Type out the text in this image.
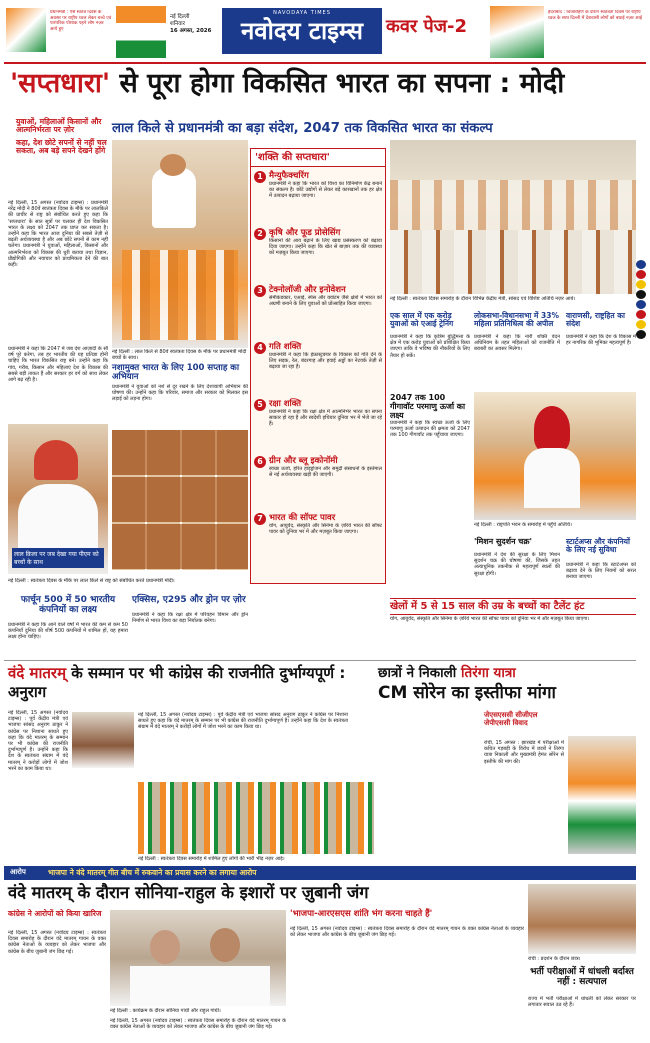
प्रधानमंत्री : ऐसे स्वतंत्र दिवस के अवसर पर राष्ट्रीय ध्वज लेकर बच्चे एवं पारंपरिक पोशाक पहने लोग नज़र आये हुए
नई दिल्ली
शनिवार
16 अगस्त, 2026
NAVODAYA TIMES
नवोदय टाइम्स	कवर पेज-2
हैदराबाद : ध्वजारोहण के दौरान स्वतंत्रता दिवस पर राष्ट्रीय ध्वज के साथ दिल्ली में देशवासी लोगों को बधाई नज़र आई
'सप्तधारा' से पूरा होगा विकसित भारत का सपना : मोदी
लाल किले से प्रधानमंत्री का बड़ा संदेश, 2047 तक विकसित भारत का संकल्प
युवाओं, महिलाओं किसानों और आत्मनिर्भरता पर ज़ोर
कहा, देश छोटे सपनों से नहीं चल सकता, अब बड़े सपने देखने होंगे
नई दिल्ली, 15 अगस्त (नवोदय टाइम्स) : प्रधानमंत्री नरेंद्र मोदी ने 80वें स्वतंत्रता दिवस के मौके पर लालकिले की प्राचीर से राष्ट्र को संबोधित करते हुए कहा कि 'सप्तधारा' के सात सूत्रों पर चलकर ही देश विकसित भारत के लक्ष्य को 2047 तक प्राप्त कर सकता है। उन्होंने कहा कि भारत आज दुनिया की सबसे तेज़ी से बढ़ती अर्थव्यवस्था है और अब छोटे सपनों से काम नहीं चलेगा। प्रधानमंत्री ने युवाओं, महिलाओं, किसानों और आत्मनिर्भरता को विकास की धुरी बताया तथा विज्ञान, प्रौद्योगिकी और नवाचार को प्राथमिकता देने की बात कही।
प्रधानमंत्री ने कहा कि 2047 में जब देश आज़ादी के सौ वर्ष पूरे करेगा, तब हर भारतीय की यह प्रतिज्ञा होनी चाहिए कि भारत विकसित राष्ट्र बने। उन्होंने कहा कि गांव, गरीब, किसान और महिलाएं देश के विकास की सबसे बड़ी ताकत हैं और सरकार हर वर्ग को साथ लेकर आगे बढ़ रही है।
नई दिल्ली : लाल किले से 80वें स्वतंत्रता दिवस के मौके पर प्रधानमंत्री मोदी बच्चों के साथ।
'शक्ति की सप्तधारा'
1 मैन्युफैक्चरिंग
प्रधानमंत्री ने कहा कि भारत को विश्व का विनिर्माण केंद्र बनाने का संकल्प है। छोटे उद्योगों से लेकर बड़े कारखानों तक हर क्षेत्र में उत्पादन बढ़ाया जाएगा।
2 कृषि और फूड प्रोसेसिंग
किसानों की आय बढ़ाने के लिए खाद्य प्रसंस्करण को बढ़ावा दिया जाएगा। उन्होंने कहा कि खेत से बाज़ार तक की व्यवस्था को मज़बूत किया जाएगा।
3 टेक्नोलॉजी और इनोवेशन
सेमीकंडक्टर, एआई, स्पेस और क्वांटम जैसे क्षेत्रों में भारत को अग्रणी बनाने के लिए युवाओं को प्रोत्साहित किया जाएगा।
4 गति शक्ति
प्रधानमंत्री ने कहा कि इंफ्रास्ट्रक्चर के विकास को गति देने के लिए सड़क, रेल, बंदरगाह और हवाई अड्डों का नेटवर्क तेज़ी से बढ़ाया जा रहा है।
5 रक्षा शक्ति
प्रधानमंत्री ने कहा कि रक्षा क्षेत्र में आत्मनिर्भर भारत का सपना साकार हो रहा है और स्वदेशी हथियार दुनिया भर में भेजे जा रहे हैं।
6 ग्रीन और ब्लू इकोनॉमी
स्वच्छ ऊर्जा, हरित हाइड्रोजन और समुद्री संसाधनों के इस्तेमाल से नई अर्थव्यवस्था खड़ी की जाएगी।
7 भारत की सॉफ्ट पावर
योग, आयुर्वेद, संस्कृति और सिनेमा के ज़रिये भारत की सॉफ्ट पावर को दुनिया भर में और मज़बूत किया जाएगा।
नई दिल्ली : स्वतंत्रता दिवस समारोह के दौरान विभिन्न केंद्रीय मंत्री, सांसद एवं विशिष्ट अतिथि नज़र आये।
नशामुक्त भारत के लिए 100 सप्ताह का अभियान
प्रधानमंत्री ने युवाओं को नशे से दूर रखने के लिए देशव्यापी अभियान की घोषणा की। उन्होंने कहा कि परिवार, समाज और सरकार को मिलकर इस लड़ाई को लड़ना होगा।
लाल क़िला पर जब देखा गया पीएम को बच्चों के साथ
नई दिल्ली : स्वतंत्रता दिवस के मौके पर लाल किले से राष्ट्र को संबोधित करते प्रधानमंत्री मोदी।
एक साल में एक करोड़ युवाओं को एआई ट्रेनिंग
प्रधानमंत्री ने कहा कि कृत्रिम बुद्धिमत्ता के क्षेत्र में एक करोड़ युवाओं को प्रशिक्षित किया जाएगा ताकि वे भविष्य की नौकरियों के लिए तैयार हो सकें।
लोकसभा-विधानसभा में 33% महिला प्रतिनिधित्व की अपील
प्रधानमंत्री ने कहा कि नारी शक्ति वंदन अधिनियम के तहत महिलाओं को राजनीति में बराबरी का अवसर मिलेगा।
वाराणसी, राष्ट्रहित का संदेश
प्रधानमंत्री ने कहा कि देश के विकास में हर नागरिक की भूमिका महत्वपूर्ण है।
2047 तक 100 गीगावॉट परमाणु ऊर्जा का लक्ष्य
प्रधानमंत्री ने कहा कि स्वच्छ ऊर्जा के लिए परमाणु ऊर्जा उत्पादन की क्षमता को 2047 तक 100 गीगावॉट तक पहुँचाया जाएगा।
नई दिल्ली : राष्ट्रपति भवन के समारोह में पहुँचे अतिथि।
'मिशन सुदर्शन चक्र'
प्रधानमंत्री ने देश की सुरक्षा के लिए मिशन सुदर्शन चक्र की घोषणा की, जिसके तहत अत्याधुनिक तकनीक से महत्वपूर्ण स्थलों की सुरक्षा होगी।
स्टार्टअप्स और कंपनियों के लिए नई सुविधा
प्रधानमंत्री ने कहा कि स्टार्टअप्स को बढ़ावा देने के लिए नियमों को सरल बनाया जाएगा।
फार्चून 500 में 50 भारतीय कंपनियों का लक्ष्य
प्रधानमंत्री ने कहा कि आने वाले वर्षों में भारत की कम से कम 50 कंपनियाँ दुनिया की शीर्ष 500 कंपनियों में शामिल हों, यह हमारा लक्ष्य होना चाहिए।
एक्सिस, ए295 और ड्रोन पर ज़ोर
प्रधानमंत्री ने कहा कि रक्षा क्षेत्र में परिवहन विमान और ड्रोन निर्माण से भारत विश्व का बड़ा निर्यातक बनेगा।
खेलों में 5 से 15 साल की उम्र के बच्चों का टैलेंट हंट
योग, आयुर्वेद, संस्कृति और सिनेमा के ज़रिये भारत की सॉफ्ट पावर को दुनिया भर में और मज़बूत किया जाएगा।
वंदे मातरम् के सम्मान पर भी कांग्रेस की राजनीति दुर्भाग्यपूर्ण : अनुराग
नई दिल्ली, 15 अगस्त (नवोदय टाइम्स) : पूर्व केंद्रीय मंत्री एवं भाजपा सांसद अनुराग ठाकुर ने कांग्रेस पर निशाना साधते हुए कहा कि वंदे मातरम् के सम्मान पर भी कांग्रेस की राजनीति दुर्भाग्यपूर्ण है। उन्होंने कहा कि देश के स्वतंत्रता संग्राम में वंदे मातरम् ने करोड़ों लोगों में जोश भरने का काम किया था।
नई दिल्ली, 15 अगस्त (नवोदय टाइम्स) : पूर्व केंद्रीय मंत्री एवं भाजपा सांसद अनुराग ठाकुर ने कांग्रेस पर निशाना साधते हुए कहा कि वंदे मातरम् के सम्मान पर भी कांग्रेस की राजनीति दुर्भाग्यपूर्ण है। उन्होंने कहा कि देश के स्वतंत्रता संग्राम में वंदे मातरम् ने करोड़ों लोगों में जोश भरने का काम किया था।
नई दिल्ली : स्वतंत्रता दिवस समारोह में शामिल हुए लोगों की भारी भीड़ नज़र आई।
छात्रों ने निकाली तिरंगा यात्रा
CM सोरेन का इस्तीफा मांगा
जेएसएससी सीजीएल जेपीएससी विवाद
रांची, 15 अगस्त : झारखंड में परीक्षाओं में कथित गड़बड़ी के विरोध में छात्रों ने तिरंगा यात्रा निकाली और मुख्यमंत्री हेमंत सोरेन से इस्तीफे की मांग की।
आरोप	भाजपा ने वंदे मातरम् गीत बीच में रुकवाने का प्रयास करने का लगाया आरोप
वंदे मातरम् के दौरान सोनिया-राहुल के इशारों पर ज़ुबानी जंग
कांग्रेस ने आरोपों को किया खारिज
नई दिल्ली, 15 अगस्त (नवोदय टाइम्स) : स्वतंत्रता दिवस समारोह के दौरान वंदे मातरम् गायन के वक्त कांग्रेस नेताओं के व्यवहार को लेकर भाजपा और कांग्रेस के बीच ज़ुबानी जंग छिड़ गई।
नई दिल्ली : कार्यक्रम के दौरान सोनिया गांधी और राहुल गांधी।
नई दिल्ली, 15 अगस्त (नवोदय टाइम्स) : स्वतंत्रता दिवस समारोह के दौरान वंदे मातरम् गायन के वक्त कांग्रेस नेताओं के व्यवहार को लेकर भाजपा और कांग्रेस के बीच ज़ुबानी जंग छिड़ गई।
'भाजपा-आरएसएस शांति भंग करना चाहते हैं'
नई दिल्ली, 15 अगस्त (नवोदय टाइम्स) : स्वतंत्रता दिवस समारोह के दौरान वंदे मातरम् गायन के वक्त कांग्रेस नेताओं के व्यवहार को लेकर भाजपा और कांग्रेस के बीच ज़ुबानी जंग छिड़ गई।
रांची : प्रदर्शन के दौरान छात्र।
भर्ती परीक्षाओं में धांधली बर्दाश्त नहीं : सत्यपाल
राज्य में भर्ती परीक्षाओं में धांधली को लेकर सरकार पर लगातार सवाल उठ रहे हैं।
